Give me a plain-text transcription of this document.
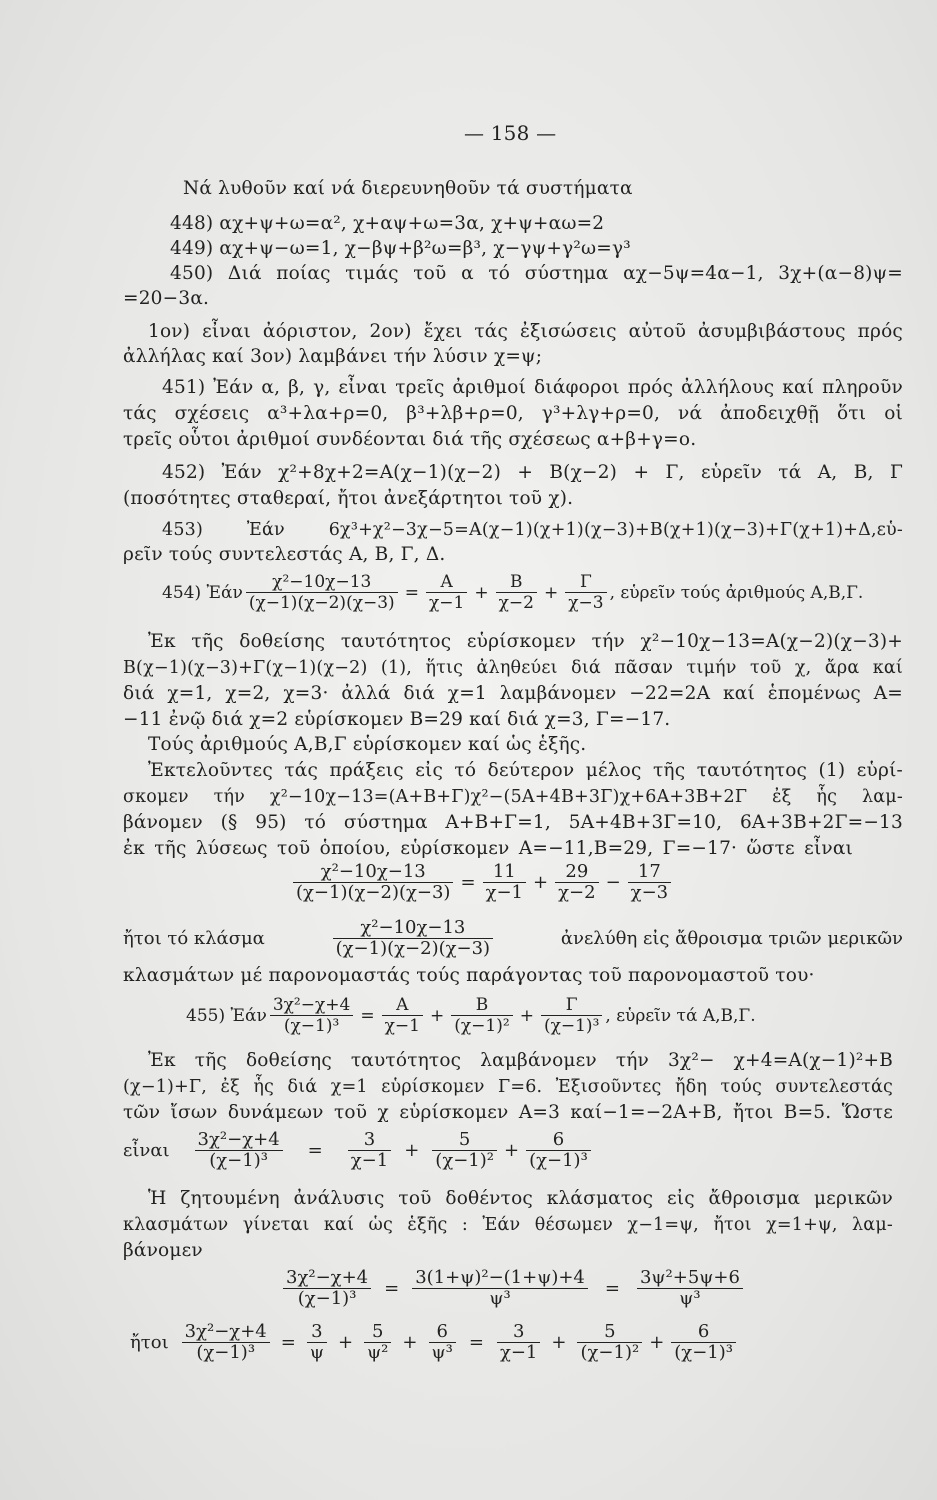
— 158 —
Νά λυθοῦν καί νά διερευνηθοῦν τά συστήματα
448) αχ+ψ+ω=α², χ+αψ+ω=3α, χ+ψ+αω=2
449) αχ+ψ−ω=1, χ−βψ+β²ω=β³, χ−γψ+γ²ω=γ³
450) Διά ποίας τιμάς τοῦ α τό σύστημα αχ−5ψ=4α−1, 3χ+(α−8)ψ=
=20−3α.
1ον) εἶναι ἀόριστον, 2ον) ἔχει τάς ἐξισώσεις αὐτοῦ ἀσυμβιβάστους πρός
ἀλλήλας καί 3ον) λαμβάνει τήν λύσιν χ=ψ;
451) Ἐάν α, β, γ, εἶναι τρεῖς ἀριθμοί διάφοροι πρός ἀλλήλους καί πληροῦν
τάς σχέσεις α³+λα+ρ=0, β³+λβ+ρ=0, γ³+λγ+ρ=0, νά ἀποδειχθῇ ὅτι οἱ
τρεῖς οὗτοι ἀριθμοί συνδέονται διά τῆς σχέσεως α+β+γ=ο.
452) Ἐάν χ²+8χ+2=Α(χ−1)(χ−2) + Β(χ−2) + Γ, εὑρεῖν τά Α, Β, Γ
(ποσότητες σταθεραί, ἤτοι ἀνεξάρτητοι τοῦ χ).
453) Ἐάν 6χ³+χ²−3χ−5=Α(χ−1)(χ+1)(χ−3)+Β(χ+1)(χ−3)+Γ(χ+1)+Δ,εὑ-
ρεῖν τούς συντελεστάς Α, Β, Γ, Δ.
454) Ἐάν $\frac{\text{χ²−10χ−13}}{(\chi-1)(\chi-2)(\chi-3)} = \frac{A}{\chi-1} + \frac{B}{\chi-2} + \frac{\Gamma}{\chi-3}$ , εὑρεῖν τούς ἀριθμούς Α,Β,Γ.
Ἐκ τῆς δοθείσης ταυτότητος εὑρίσκομεν τήν χ²−10χ−13=Α(χ−2)(χ−3)+
Β(χ−1)(χ−3)+Γ(χ−1)(χ−2) (1), ἥτις ἀληθεύει διά πᾶσαν τιμήν τοῦ χ, ἄρα καί
διά χ=1, χ=2, χ=3· ἀλλά διά χ=1 λαμβάνομεν −22=2Α καί ἑπομένως Α=
−11 ἐνῷ διά χ=2 εὑρίσκομεν Β=29 καί διά χ=3, Γ=−17.
Τούς ἀριθμούς Α,Β,Γ εὑρίσκομεν καί ὡς ἑξῆς.
Ἐκτελοῦντες τάς πράξεις εἰς τό δεύτερον μέλος τῆς ταυτότητος (1) εὑρί-
σκομεν τήν χ²−10χ−13=(Α+Β+Γ)χ²−(5Α+4Β+3Γ)χ+6Α+3Β+2Γ ἐξ ἧς λαμ-
βάνομεν (§ 95) τό σύστημα Α+Β+Γ=1, 5Α+4Β+3Γ=10, 6Α+3Β+2Γ=−13
ἐκ τῆς λύσεως τοῦ ὁποίου, εὑρίσκομεν Α=−11,Β=29, Γ=−17· ὥστε εἶναι
$\frac{\text{χ²−10χ−13}}{(\chi-1)(\chi-2)(\chi-3)} = \frac{11}{\chi-1} + \frac{29}{\chi-2} - \frac{17}{\chi-3}$
ἤτοι τό κλάσμα	$\frac{\text{χ²−10χ−13}}{(\chi-1)(\chi-2)(\chi-3)}$	ἀνελύθη εἰς ἄθροισμα τριῶν μερικῶν
κλασμάτων μέ παρονομαστάς τούς παράγοντας τοῦ παρονομαστοῦ του·
455) Ἐάν $\frac{\text{3χ²−χ+4}}{\text{(χ−1)³}} = \frac{A}{\chi-1} + \frac{B}{\text{(χ−1)²}} + \frac{\Gamma}{\text{(χ−1)³}}$ , εὑρεῖν τά Α,Β,Γ.
Ἐκ τῆς δοθείσης ταυτότητος λαμβάνομεν τήν 3χ²− χ+4=Α(χ−1)²+Β
(χ−1)+Γ, ἐξ ἧς διά χ=1 εὑρίσκομεν Γ=6. Ἐξισοῦντες ἤδη τούς συντελεστάς
τῶν ἴσων δυνάμεων τοῦ χ εὑρίσκομεν Α=3 καί−1=−2Α+Β, ἤτοι Β=5. Ὥστε
εἶναι $\frac{\text{3χ²−χ+4}}{\text{(χ−1)³}} = \frac{3}{\chi-1} + \frac{5}{\text{(χ−1)²}} + \frac{6}{\text{(χ−1)³}}$
Ἡ ζητουμένη ἀνάλυσις τοῦ δοθέντος κλάσματος εἰς ἄθροισμα μερικῶν
κλασμάτων γίνεται καί ὡς ἑξῆς : Ἐάν θέσωμεν χ−1=ψ, ἤτοι χ=1+ψ, λαμ-
βάνομεν
$\frac{\text{3χ²−χ+4}}{\text{(χ−1)³}} = \frac{\text{3(1+ψ)²−(1+ψ)+4}}{\text{ψ³}} = \frac{\text{3ψ²+5ψ+6}}{\text{ψ³}}$
ἤτοι $\frac{\text{3χ²−χ+4}}{\text{(χ−1)³}} = \frac{3}{\psi} + \frac{5}{\text{ψ²}} + \frac{6}{\text{ψ³}} = \frac{3}{\chi-1} + \frac{5}{\text{(χ−1)²}} + \frac{6}{\text{(χ−1)³}}$
